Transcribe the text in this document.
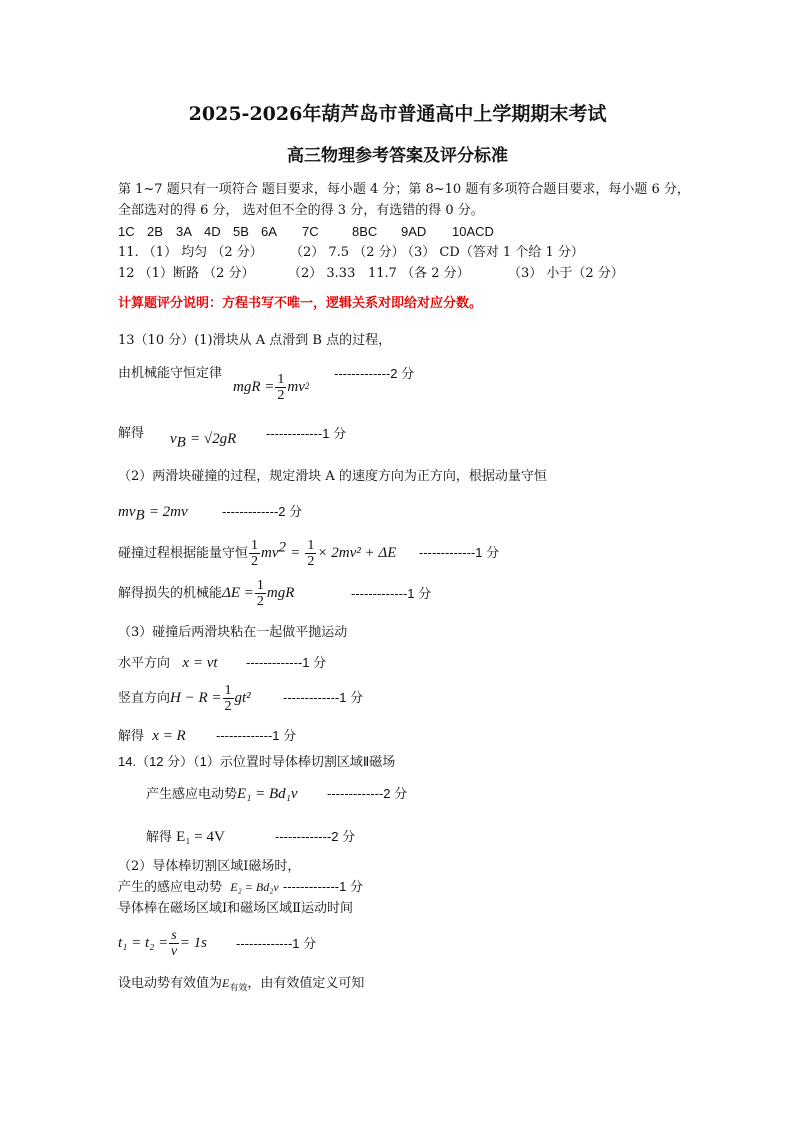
2025-2026年葫芦岛市普通高中上学期期末考试
高三物理参考答案及评分标准
第 1~7 题只有一项符合 题目要求，每小题 4 分；第 8~10 题有多项符合题目要求，每小题 6 分，
全部选对的得 6 分， 选对但不全的得 3 分，有选错的得 0 分。
1C 2B 3A 4D 5B 6A 7C	8BC 9AD 10ACD
11. （1） 均匀 （2 分） （2） 7.5 （2 分）
（3） CD（答对 1 个给 1 分）
12 （1）断路 （2 分）	（2） 3.33 11.7 （各 2 分）	（3） 小于（2 分）
计算题评分说明：方程书写不唯一，逻辑关系对即给对应分数。
13（10 分）(1)滑块从 A 点滑到 B 点的过程，
由机械能守恒定律
mgR = $\frac{1}{2} mv_{^2}$
-------------2 分
解得 $v_B = √2gR$ -------------1 分
（2）两滑块碰撞的过程，规定滑块 A 的速度方向为正方向，根据动量守恒
$mv_B = 2mv$	-------------2 分
碰撞过程根据能量守恒 $\frac{1}{2} mv^2 = \frac{1}{2} \times 2mv^2 + \Delta E$ -------------1 分
解得损失的机械能$\Delta E = \frac{1}{2}$ mgR	-------------1 分
（3）碰撞后两滑块粘在一起做平抛运动
水平方向 x = vt -------------1 分
竖直方向$H - R = \frac{1}{2} gt^2$ -------------1 分
解得 x = R -------------1 分
14.（12 分）（1）示位置时导体棒切割区域Ⅱ磁场
产生感应电动势E₁ = Bd₁v -------------2 分
解得 E₁ = 4V	-------------2 分
（2）导体棒切割区域Ⅰ磁场时，
产生的感应电动势 E₂ = Bd₂v -------------1 分
导体棒在磁场区域Ⅰ和磁场区域Ⅱ运动时间
$t_1 = t_2 = \frac{s}{v} = 1s$ -------------1 分
设电动势有效值为$E_{有效}$，由有效值定义可知
